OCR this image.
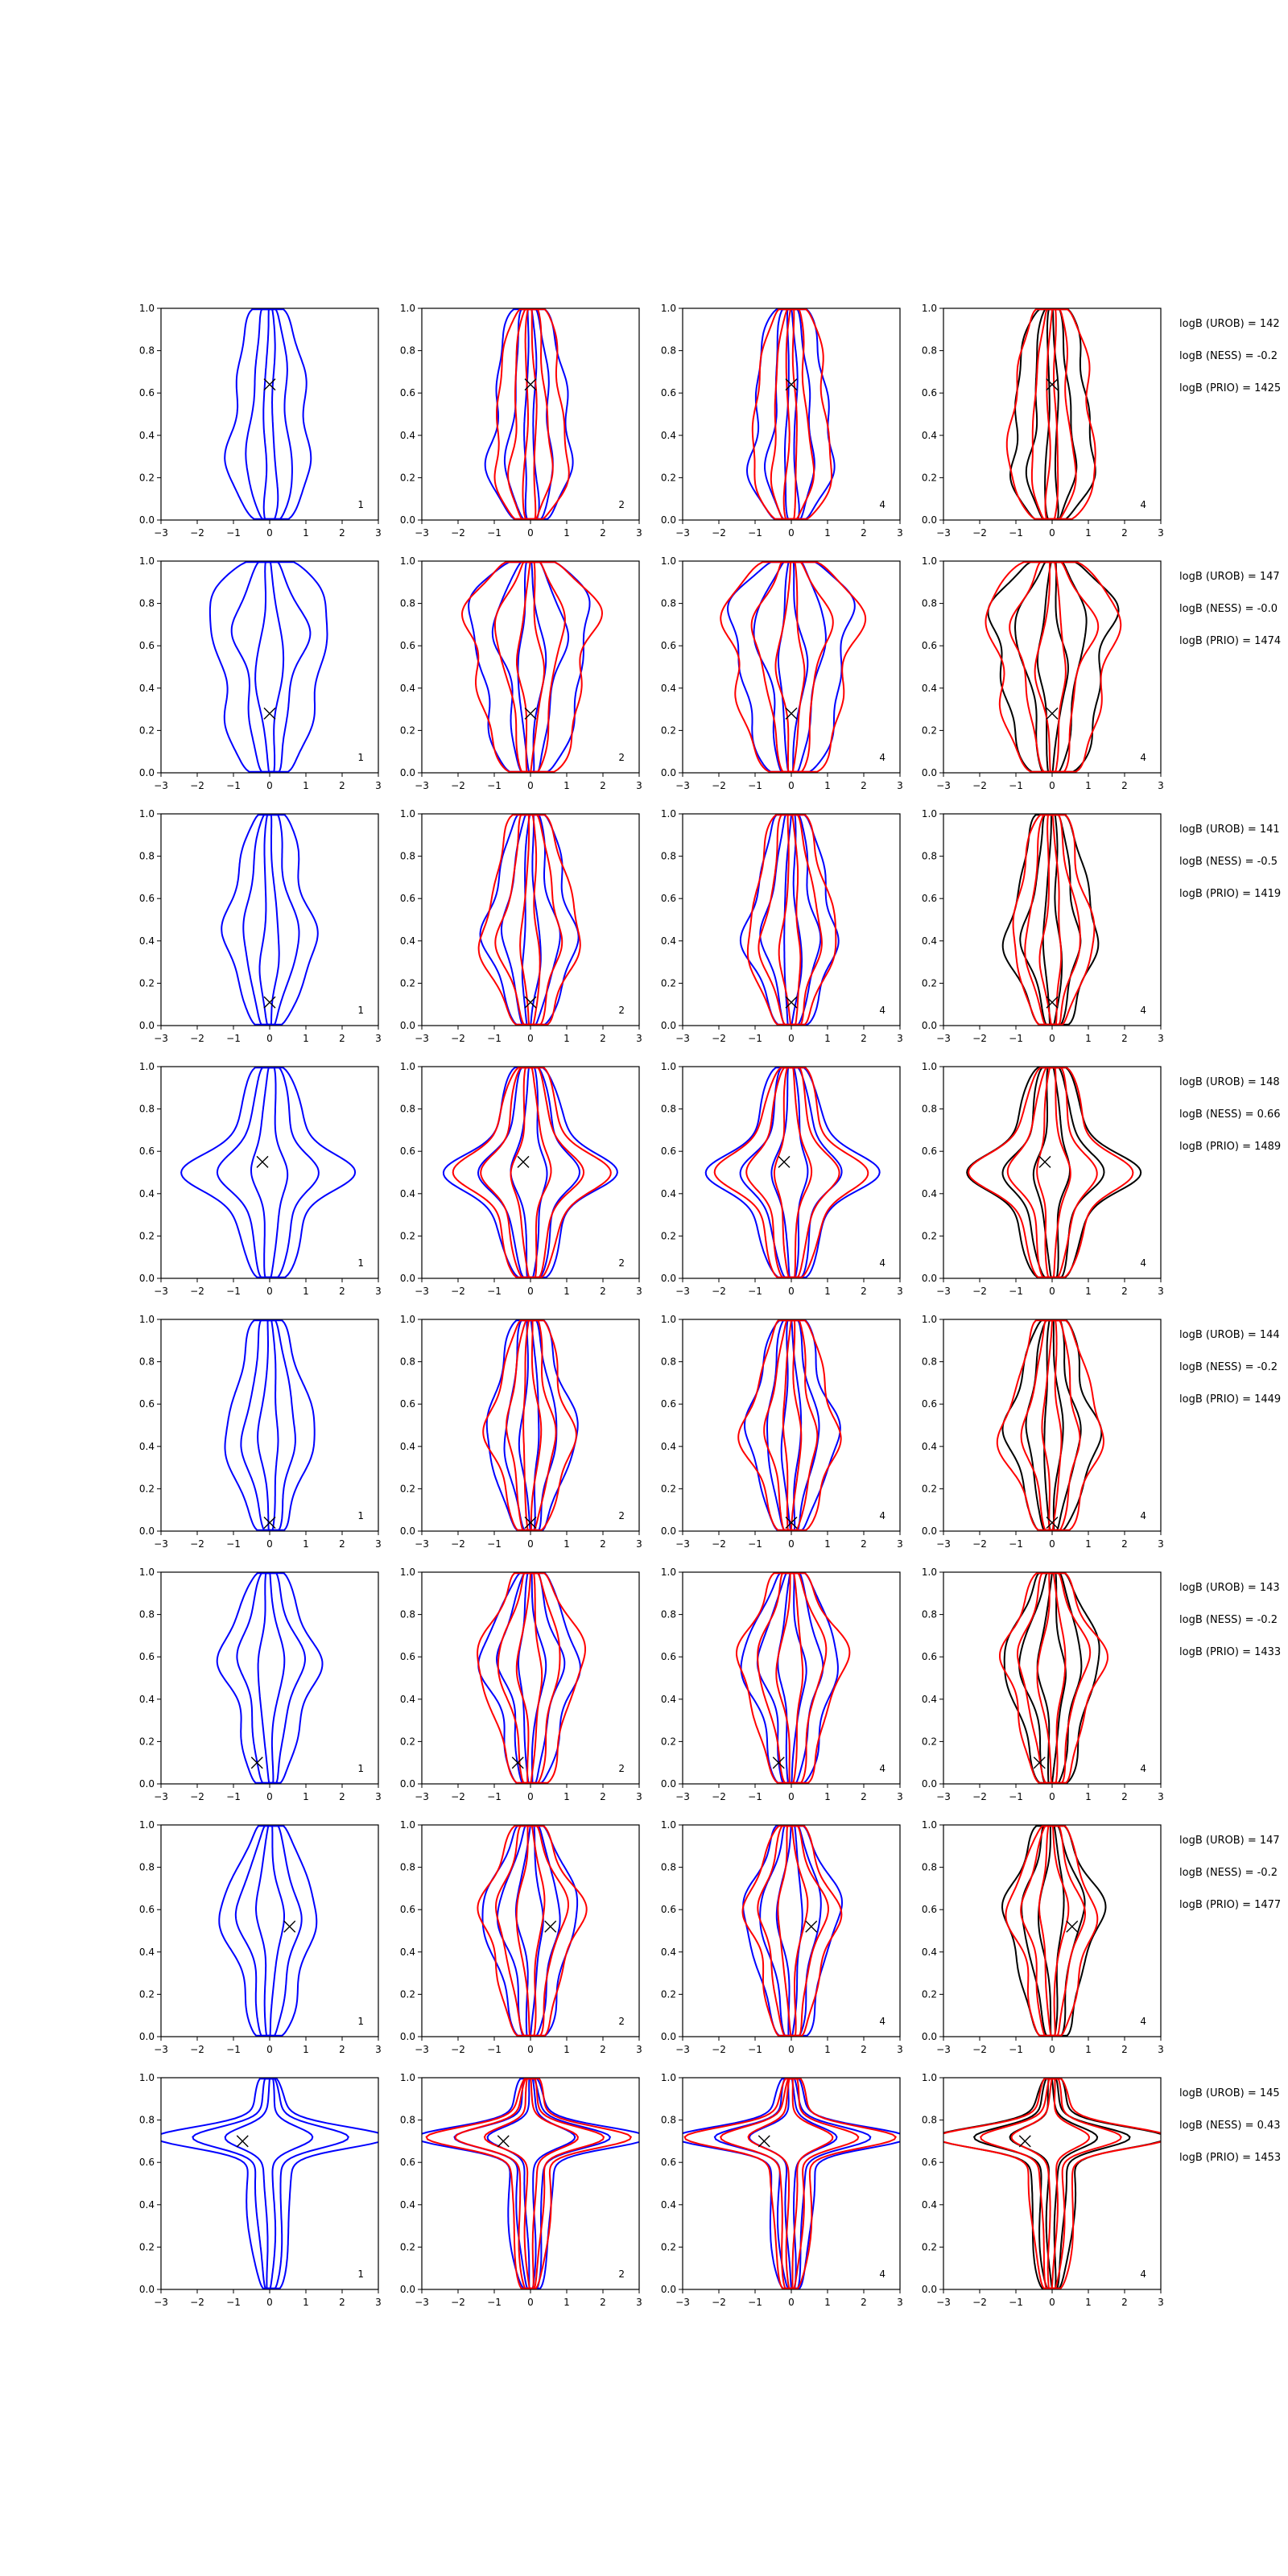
−3 −2 −1	0	1	2	3
0.0
0.2
0.4
0.6
0.8
1.0
1
−3 −2 −1	0	1	2	3
0.0
0.2
0.4
0.6
0.8
1.0
2
−3 −2 −1	0	1	2	3
0.0
0.2
0.4
0.6
0.8
1.0
4
−3 −2 −1	0	1	2	3
0.0
0.2
0.4
0.6
0.8
1.0
4
logB (UROB) = 142
logB (NESS) = -0.2
logB (PRIO) = 1425
−3 −2 −1	0	1	2	3
0.0
0.2
0.4
0.6
0.8
1.0
1
−3 −2 −1	0	1	2	3
0.0
0.2
0.4
0.6
0.8
1.0
2
−3 −2 −1	0	1	2	3
0.0
0.2
0.4
0.6
0.8
1.0
4
−3 −2 −1	0	1	2	3
0.0
0.2
0.4
0.6
0.8
1.0
4
logB (UROB) = 147
logB (NESS) = -0.0
logB (PRIO) = 1474
−3 −2 −1	0	1	2	3
0.0
0.2
0.4
0.6
0.8
1.0
1
−3 −2 −1	0	1	2	3
0.0
0.2
0.4
0.6
0.8
1.0
2
−3 −2 −1	0	1	2	3
0.0
0.2
0.4
0.6
0.8
1.0
4
−3 −2 −1	0	1	2	3
0.0
0.2
0.4
0.6
0.8
1.0
4
logB (UROB) = 141
logB (NESS) = -0.5
logB (PRIO) = 1419
−3 −2 −1	0	1	2	3
0.0
0.2
0.4
0.6
0.8
1.0
1
−3 −2 −1	0	1	2	3
0.0
0.2
0.4
0.6
0.8
1.0
2
−3 −2 −1	0	1	2	3
0.0
0.2
0.4
0.6
0.8
1.0
4
−3 −2 −1	0	1	2	3
0.0
0.2
0.4
0.6
0.8
1.0
4
logB (UROB) = 148
logB (NESS) = 0.66
logB (PRIO) = 1489
−3 −2 −1	0	1	2	3
0.0
0.2
0.4
0.6
0.8
1.0
1
−3 −2 −1	0	1	2	3
0.0
0.2
0.4
0.6
0.8
1.0
2
−3 −2 −1	0	1	2	3
0.0
0.2
0.4
0.6
0.8
1.0
4
−3 −2 −1	0	1	2	3
0.0
0.2
0.4
0.6
0.8
1.0
4
logB (UROB) = 144
logB (NESS) = -0.2
logB (PRIO) = 1449
−3 −2 −1	0	1	2	3
0.0
0.2
0.4
0.6
0.8
1.0
1
−3 −2 −1	0	1	2	3
0.0
0.2
0.4
0.6
0.8
1.0
2
−3 −2 −1	0	1	2	3
0.0
0.2
0.4
0.6
0.8
1.0
4
−3 −2 −1	0	1	2	3
0.0
0.2
0.4
0.6
0.8
1.0
4
logB (UROB) = 143
logB (NESS) = -0.2
logB (PRIO) = 1433
−3 −2 −1	0	1	2	3
0.0
0.2
0.4
0.6
0.8
1.0
1
−3 −2 −1	0	1	2	3
0.0
0.2
0.4
0.6
0.8
1.0
2
−3 −2 −1	0	1	2	3
0.0
0.2
0.4
0.6
0.8
1.0
4
−3 −2 −1	0	1	2	3
0.0
0.2
0.4
0.6
0.8
1.0
4
logB (UROB) = 147
logB (NESS) = -0.2
logB (PRIO) = 1477
−3 −2 −1	0	1	2	3
0.0
0.2
0.4
0.6
0.8
1.0
1
−3 −2 −1	0	1	2	3
0.0
0.2
0.4
0.6
0.8
1.0
2
−3 −2 −1	0	1	2	3
0.0
0.2
0.4
0.6
0.8
1.0
4
−3 −2 −1	0	1	2	3
0.0
0.2
0.4
0.6
0.8
1.0
4
logB (UROB) = 145
logB (NESS) = 0.43
logB (PRIO) = 1453
